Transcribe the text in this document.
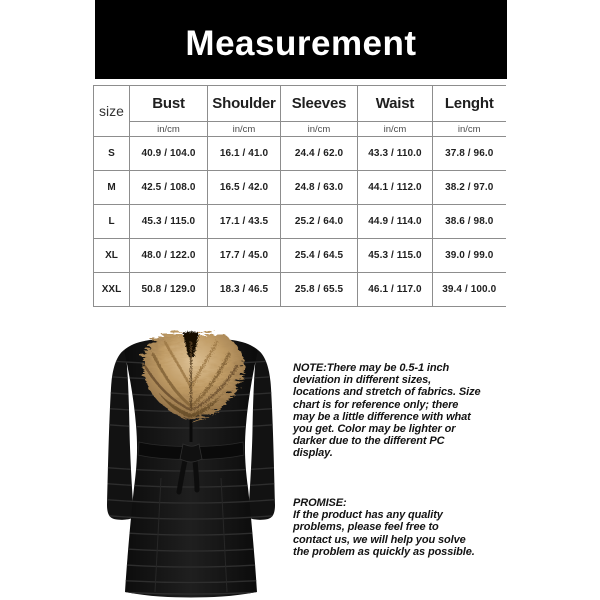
Measurement
size	Bust	Shoulder	Sleeves	Waist	Lenght
	in/cm	in/cm	in/cm	in/cm	in/cm
S	40.9 / 104.0	16.1 / 41.0	24.4 / 62.0	43.3 / 110.0	37.8 / 96.0
M	42.5 / 108.0	16.5 / 42.0	24.8 / 63.0	44.1 / 112.0	38.2 / 97.0
L	45.3 / 115.0	17.1 / 43.5	25.2 / 64.0	44.9 / 114.0	38.6 / 98.0
XL	48.0 / 122.0	17.7 / 45.0	25.4 / 64.5	45.3 / 115.0	39.0 / 99.0
XXL	50.8 / 129.0	18.3 / 46.5	25.8 / 65.5	46.1 / 117.0	39.4 / 100.0
NOTE:There may be 0.5-1 inch
deviation in different sizes,
locations and stretch of fabrics. Size
chart is for reference only; there
may be a little difference with what
you get. Color may be lighter or
darker due to the different PC
display.
PROMISE:
If the product has any quality
problems, please feel free to
contact us, we will help you solve
the problem as quickly as possible.
